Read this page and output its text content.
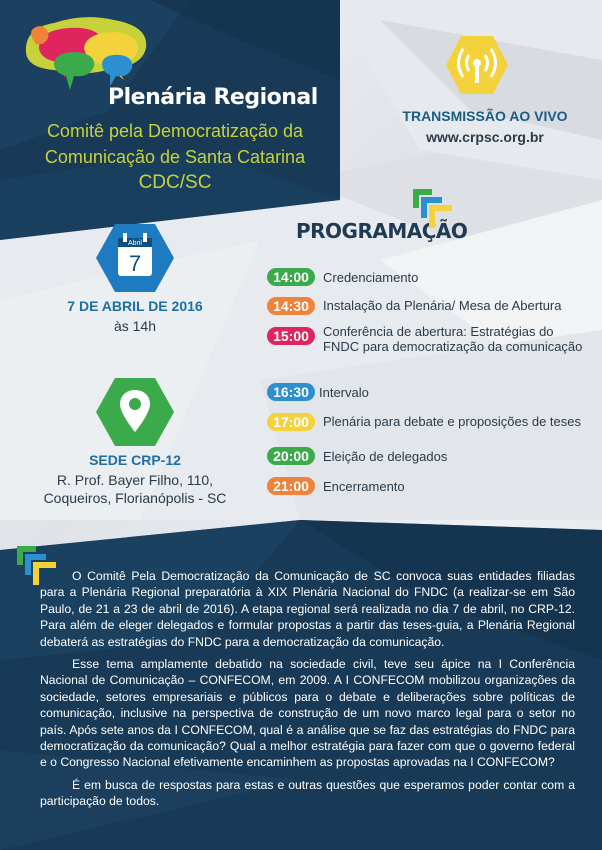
Plenária Regional
Comitê pela Democratização da
Comunicação de Santa Catarina
CDC/SC
TRANSMISSÃO AO VIVO
www.crpsc.org.br
PROGRAMAÇÃO
Abril
7
7 DE ABRIL DE 2016
às 14h
SEDE CRP-12
R. Prof. Bayer Filho, 110,
Coqueiros, Florianópolis - SC
14:00	Credenciamento
14:30	Instalação da Plenária/ Mesa de Abertura
15:00	Conferência de abertura: Estratégias do FNDC para democratização da comunicação
16:30 Intervalo
17:00	Plenária para debate e proposições de teses
20:00	Eleição de delegados
21:00	Encerramento

O Comitê Pela Democratização da Comunicação de SC convoca suas entidades filiadas para a Plenária Regional preparatória à XIX Plenária Nacional do FNDC (a realizar-se em São Paulo, de 21 a 23 de abril de 2016). A etapa regional será realizada no dia 7 de abril, no CRP-12. Para além de eleger delegados e formular propostas a partir das teses-guia, a Plenária Regional debaterá as estratégias do FNDC para a democratização da comunicação.

Esse tema amplamente debatido na sociedade civil, teve seu ápice na I Conferência Nacional de Comunicação – CONFECOM, em 2009. A I CONFECOM mobilizou organizações da sociedade, setores empresariais e públicos para o debate e deliberações sobre políticas de comunicação, inclusive na perspectiva de construção de um novo marco legal para o setor no país. Após sete anos da I CONFECOM, qual é a análise que se faz das estratégias do FNDC para democratização da comunicação? Qual a melhor estratégia para fazer com que o governo federal e o Congresso Nacional efetivamente encaminhem as propostas aprovadas na I CONFECOM?

É em busca de respostas para estas e outras questões que esperamos poder contar com a participação de todos.
